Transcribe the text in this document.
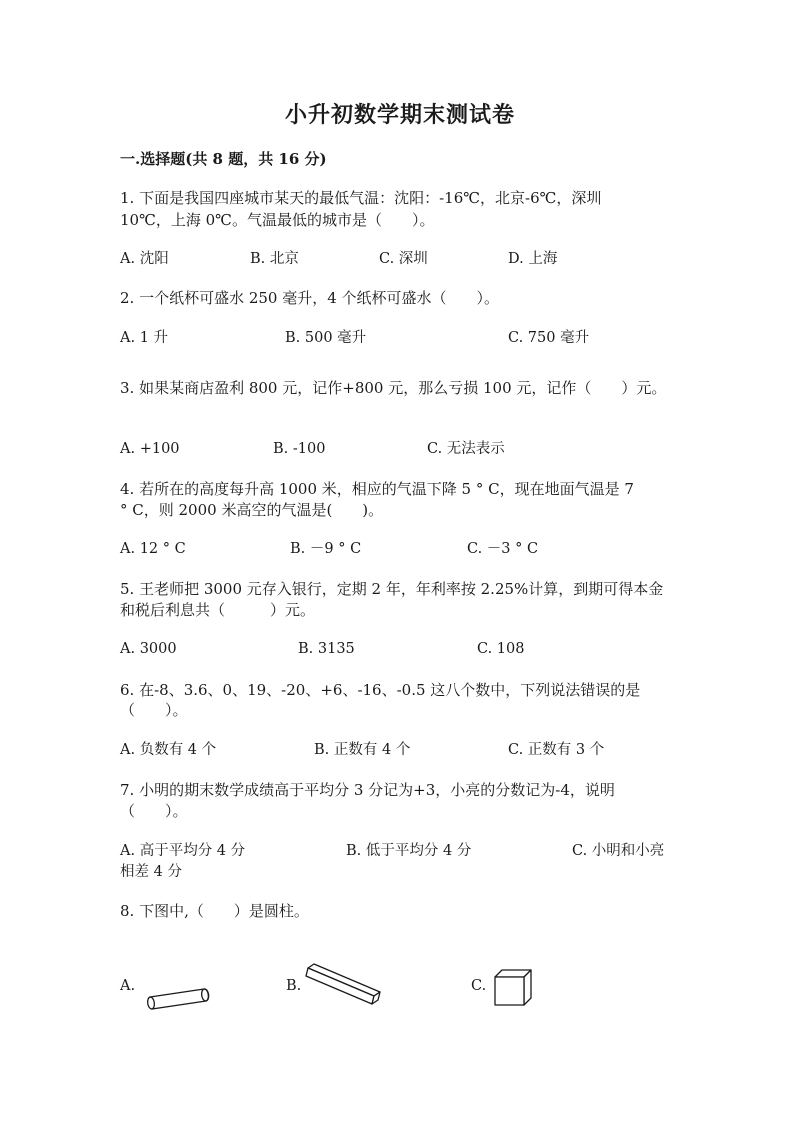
小升初数学期末测试卷
一.选择题(共 8 题，共 16 分)
1. 下面是我国四座城市某天的最低气温：沈阳：-16℃，北京-6℃，深圳
10℃，上海 0℃。气温最低的城市是（　　）。
A. 沈阳	B. 北京	C. 深圳	D. 上海
2. 一个纸杯可盛水 250 毫升，4 个纸杯可盛水（　　）。
A. 1 升	B. 500 毫升	C. 750 毫升
3. 如果某商店盈利 800 元，记作+800 元，那么亏损 100 元，记作（　　）元。
A. +100	B. -100	C. 无法表示
4. 若所在的高度每升高 1000 米，相应的气温下降 5 ° C，现在地面气温是 7
° C，则 2000 米高空的气温是(　　)。
A. 12 ° C	B. －9 ° C	C. －3 ° C
5. 王老师把 3000 元存入银行，定期 2 年，年利率按 2.25%计算，到期可得本金
和税后利息共（　　　）元。
A. 3000	B. 3135	C. 108
6. 在-8、3.6、0、19、-20、+6、-16、-0.5 这八个数中，下列说法错误的是
（　　）。
A. 负数有 4 个	B. 正数有 4 个	C. 正数有 3 个
7. 小明的期末数学成绩高于平均分 3 分记为+3，小亮的分数记为-4，说明
（　　）。
A. 高于平均分 4 分	B. 低于平均分 4 分	C. 小明和小亮
相差 4 分
8. 下图中,（　　）是圆柱。
A.	B.	C.
